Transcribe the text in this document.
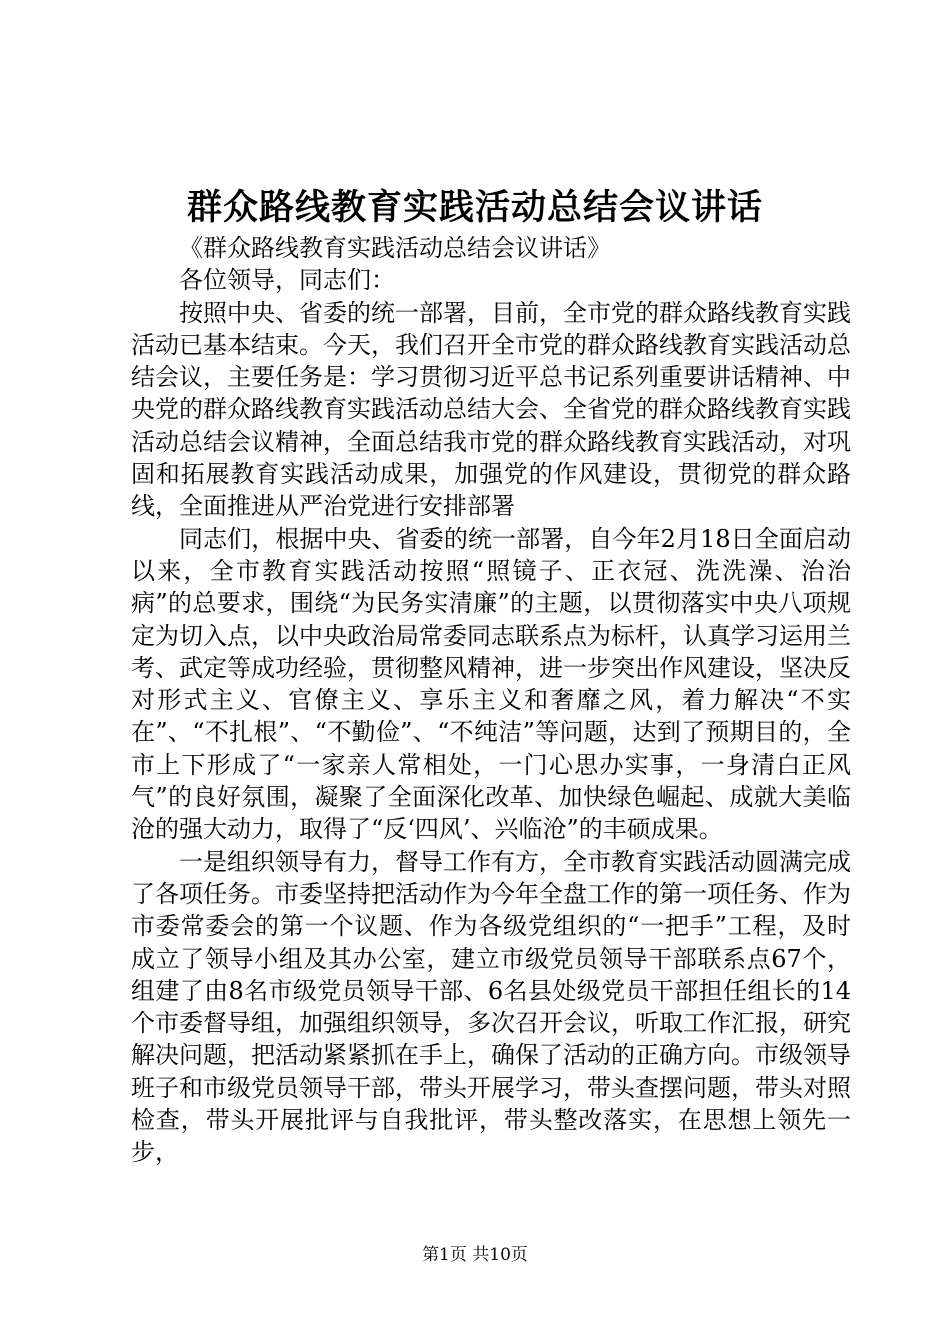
群众路线教育实践活动总结会议讲话

《群众路线教育实践活动总结会议讲话》

各位领导，同志们：

按照中央、省委的统一部署，目前，全市党的群众路线教育实践活动已基本结束。今天，我们召开全市党的群众路线教育实践活动总结会议，主要任务是：学习贯彻习近平总书记系列重要讲话精神、中央党的群众路线教育实践活动总结大会、全省党的群众路线教育实践活动总结会议精神，全面总结我市党的群众路线教育实践活动，对巩固和拓展教育实践活动成果，加强党的作风建设，贯彻党的群众路线，全面推进从严治党进行安排部署

同志们，根据中央、省委的统一部署，自今年2月18日全面启动以来，全市教育实践活动按照“照镜子、正衣冠、洗洗澡、治治病”的总要求，围绕“为民务实清廉”的主题，以贯彻落实中央八项规定为切入点，以中央政治局常委同志联系点为标杆，认真学习运用兰考、武定等成功经验，贯彻整风精神，进一步突出作风建设，坚决反对形式主义、官僚主义、享乐主义和奢靡之风，着力解决“不实在”、“不扎根”、“不勤俭”、“不纯洁”等问题，达到了预期目的，全市上下形成了“一家亲人常相处，一门心思办实事，一身清白正风气”的良好氛围，凝聚了全面深化改革、加快绿色崛起、成就大美临沧的强大动力，取得了“反‘四风’、兴临沧”的丰硕成果。

一是组织领导有力，督导工作有方，全市教育实践活动圆满完成了各项任务。市委坚持把活动作为今年全盘工作的第一项任务、作为市委常委会的第一个议题、作为各级党组织的“一把手”工程，及时成立了领导小组及其办公室，建立市级党员领导干部联系点67个，组建了由8名市级党员领导干部、6名县处级党员干部担任组长的14个市委督导组，加强组织领导，多次召开会议，听取工作汇报，研究解决问题，把活动紧紧抓在手上，确保了活动的正确方向。市级领导班子和市级党员领导干部，带头开展学习，带头查摆问题，带头对照检查，带头开展批评与自我批评，带头整改落实，在思想上领先一步，

第1页 共10页
